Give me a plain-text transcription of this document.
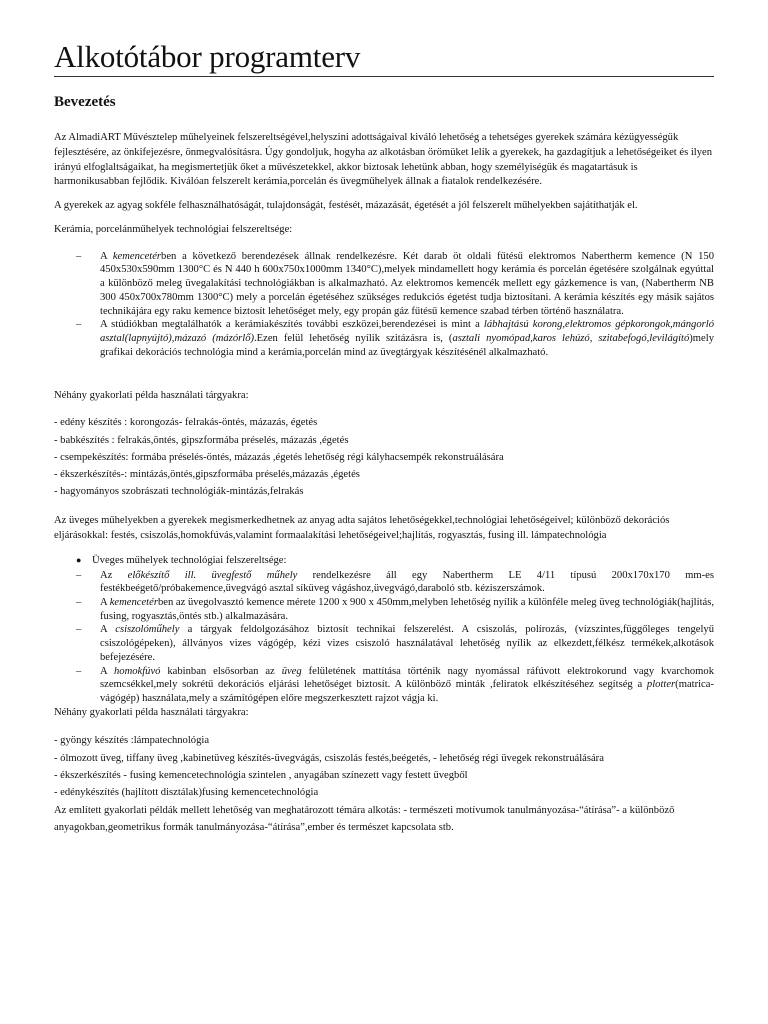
Alkotótábor programterv
Bevezetés

Az AlmadiART Művésztelep műhelyeinek felszereltségével,helyszini adottságaival kiváló lehetőség a tehetséges gyerekek számára kézügyességük fejlesztésére, az önkifejezésre, önmegvalósításra. Úgy gondoljuk, hogyha az alkotásban örömüket lelik a gyerekek, ha gazdagítjuk a lehetőségeiket és ilyen irányú elfoglaltságaikat, ha megismertetjük őket a művészetekkel, akkor biztosak lehetünk abban, hogy személyiségük és magatartásuk is harmonikusabban fejlődik. Kiválóan felszerelt kerámia,porcelán és üvegműhelyek állnak a fiatalok rendelkezésére.

A gyerekek az agyag sokféle felhasználhatóságát, tulajdonságát, festését, mázazását, égetését a jól felszerelt műhelyekben sajátíthatják el.

Kerámia, porcelánműhelyek technológiai felszereltsége:

– A kemencetérben a következő berendezések állnak rendelkezésre. Két darab öt oldali fűtésű elektromos Nabertherm kemence (N 150 450x530x590mm 1300°C és N 440 h 600x750x1000mm 1340°C),melyek mindamellett hogy kerámia és porcelán égetésére szolgálnak egyúttal a különböző meleg üvegalakítási technológiákban is alkalmazható. Az elektromos kemencék mellett egy gázkemence is van, (Nabertherm NB 300 450x700x780mm 1300°C) mely a porcelán égetéséhez szükséges redukciós égetést tudja biztosítani. A kerámia készítés egy másik sajátos technikájára egy raku kemence biztosít lehetőséget mely, egy propán gáz fűtésű kemence szabad térben történő használatra.
– A stúdiókban megtalálhatók a kerámiakészítés további eszközei,berendezései is mint a lábhajtású korong,elektromos gépkorongok,mángorló asztal(lapnyújtó),mázazó (mázórlő).Ezen felül lehetőség nyílik szitázásra is, (asztali nyomópad,karos lehúzó, szitabefogó,levilágító)mely grafikai dekorációs technológia mind a kerámia,porcelán mind az üvegtárgyak készítésénél alkalmazható.

Néhány gyakorlati példa használati tárgyakra:

- edény készítés : korongozás- felrakás-öntés, mázazás, égetés
- babkészítés : felrakás,öntés, gipszformába préselés, mázazás ,égetés
- csempekészítés: formába préselés-öntés, mázazás ,égetés lehetőség régi kályhacsempék rekonstruálására
- ékszerkészítés-: mintázás,öntés,gipszformába préselés,mázazás ,égetés
- hagyományos szobrászati technológiák-mintázás,felrakás

Az üveges műhelyekben a gyerekek megismerkedhetnek az anyag adta sajátos lehetőségekkel,technológiai lehetőségeivel; különböző dekorációs eljárásokkal: festés, csiszolás,homokfúvás,valamint formaalakítási lehetőségeivel;hajlítás, rogyasztás, fusing ill. lámpatechnológia

● Üveges műhelyek technológiai felszereltsége:
– Az előkészítő ill. üvegfestő műhely rendelkezésre áll egy Nabertherm LE 4/11 típusú 200x170x170 mm-es festékbeégető/próbakemence,üvegvágó asztal síküveg vágáshoz,üvegvágó,daraboló stb. kéziszerszámok.
– A kemencetérben az üvegolvasztó kemence mérete 1200 x 900 x 450mm,melyben lehetőség nyílik a különféle meleg üveg technológiák(hajlítás, fusing, rogyasztás,öntés stb.) alkalmazására.
– A csiszolóműhely a tárgyak feldolgozásához biztosít technikai felszerelést. A csiszolás, polírozás, (vízszintes,függőleges tengelyű csiszológépeken), állványos vizes vágógép, kézi vizes csiszoló használatával lehetőség nyílik az elkezdett,félkész termékek,alkotások befejezésére.
– A homokfúvó kabinban elsősorban az üveg felületének mattítása történik nagy nyomással ráfúvott elektrokorund vagy kvarchomok szemcsékkel,mely sokrétű dekorációs eljárási lehetőséget biztosít. A különböző minták ,feliratok elkészítéséhez segítség a plotter(matrica-vágógép) használata,mely a számítógépen előre megszerkesztett rajzot vágja ki.

Néhány gyakorlati példa használati tárgyakra:

- gyöngy készítés :lámpatechnológia
- ólmozott üveg, tiffany üveg ,kabinetüveg készítés-üvegvágás, csiszolás festés,beégetés, - lehetőség régi üvegek rekonstruálására
- ékszerkészítés - fusing kemencetechnológia szintelen , anyagában színezett vagy festett üvegből
- edénykészítés (hajlított disztálak)fusing kemencetechnológia

Az említett gyakorlati példák mellett lehetőség van meghatározott témára alkotás: - természeti motívumok tanulmányozása-“átírása”- a különböző anyagokban,geometrikus formák tanulmányozása-“átírása”,ember és természet kapcsolata stb.
